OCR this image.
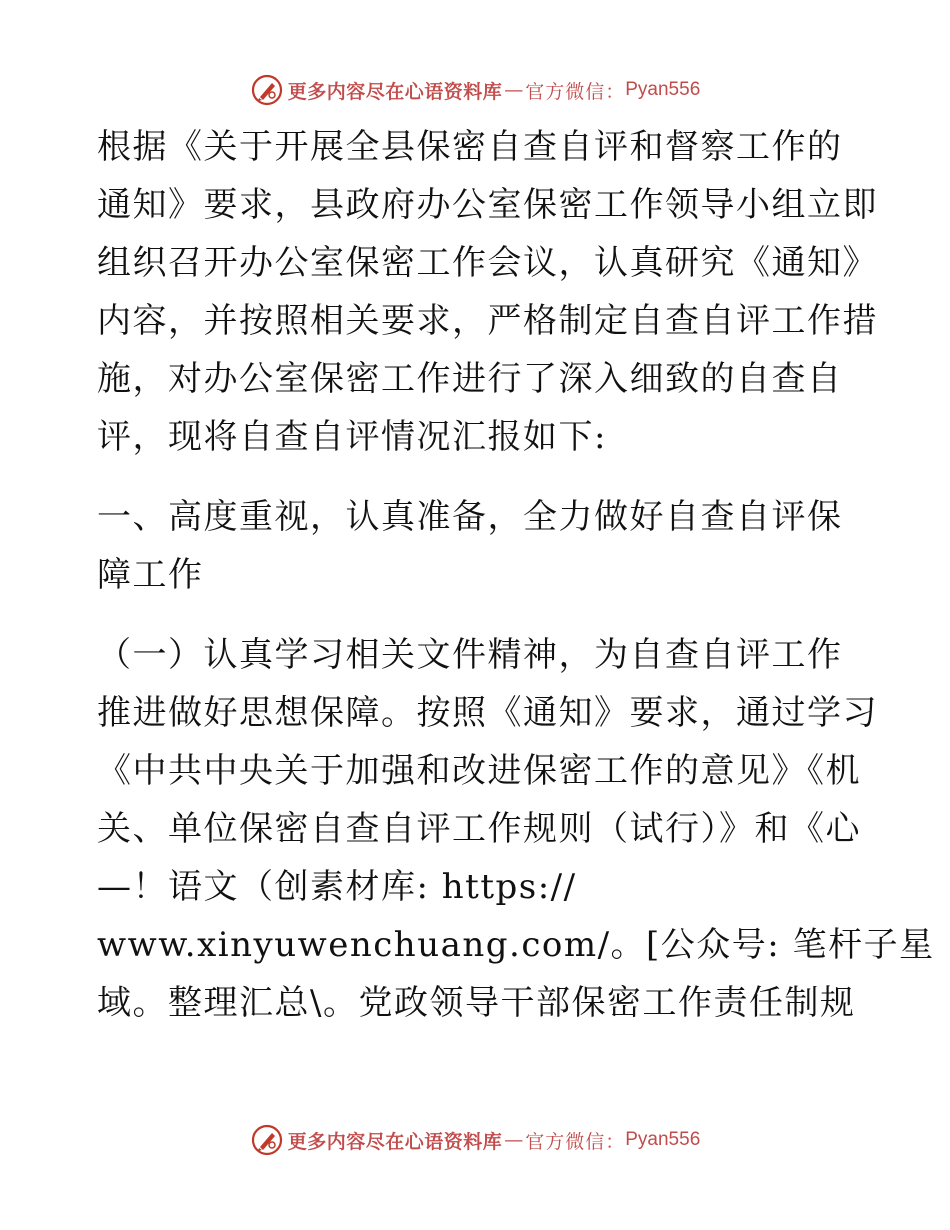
更多内容尽在心语资料库 — 官方微信： Pyan556
根据《关于开展全县保密自查自评和督察工作的
通知》要求，县政府办公室保密工作领导小组立即
组织召开办公室保密工作会议，认真研究《通知》
内容，并按照相关要求，严格制定自查自评工作措
施，对办公室保密工作进行了深入细致的自查自
评，现将自查自评情况汇报如下:
一、高度重视，认真准备，全力做好自查自评保
障工作
（一）认真学习相关文件精神，为自查自评工作
推进做好思想保障。按照《通知》要求，通过学习
《中共中央关于加强和改进保密工作的意见》《机
关、单位保密自查自评工作规则（试行）》和《心
—！语文（创素材库: https://
www.xinyuwenchuang.com/。[公众号: 笔杆子星
域。整理汇总\。党政领导干部保密工作责任制规
更多内容尽在心语资料库 — 官方微信： Pyan556
